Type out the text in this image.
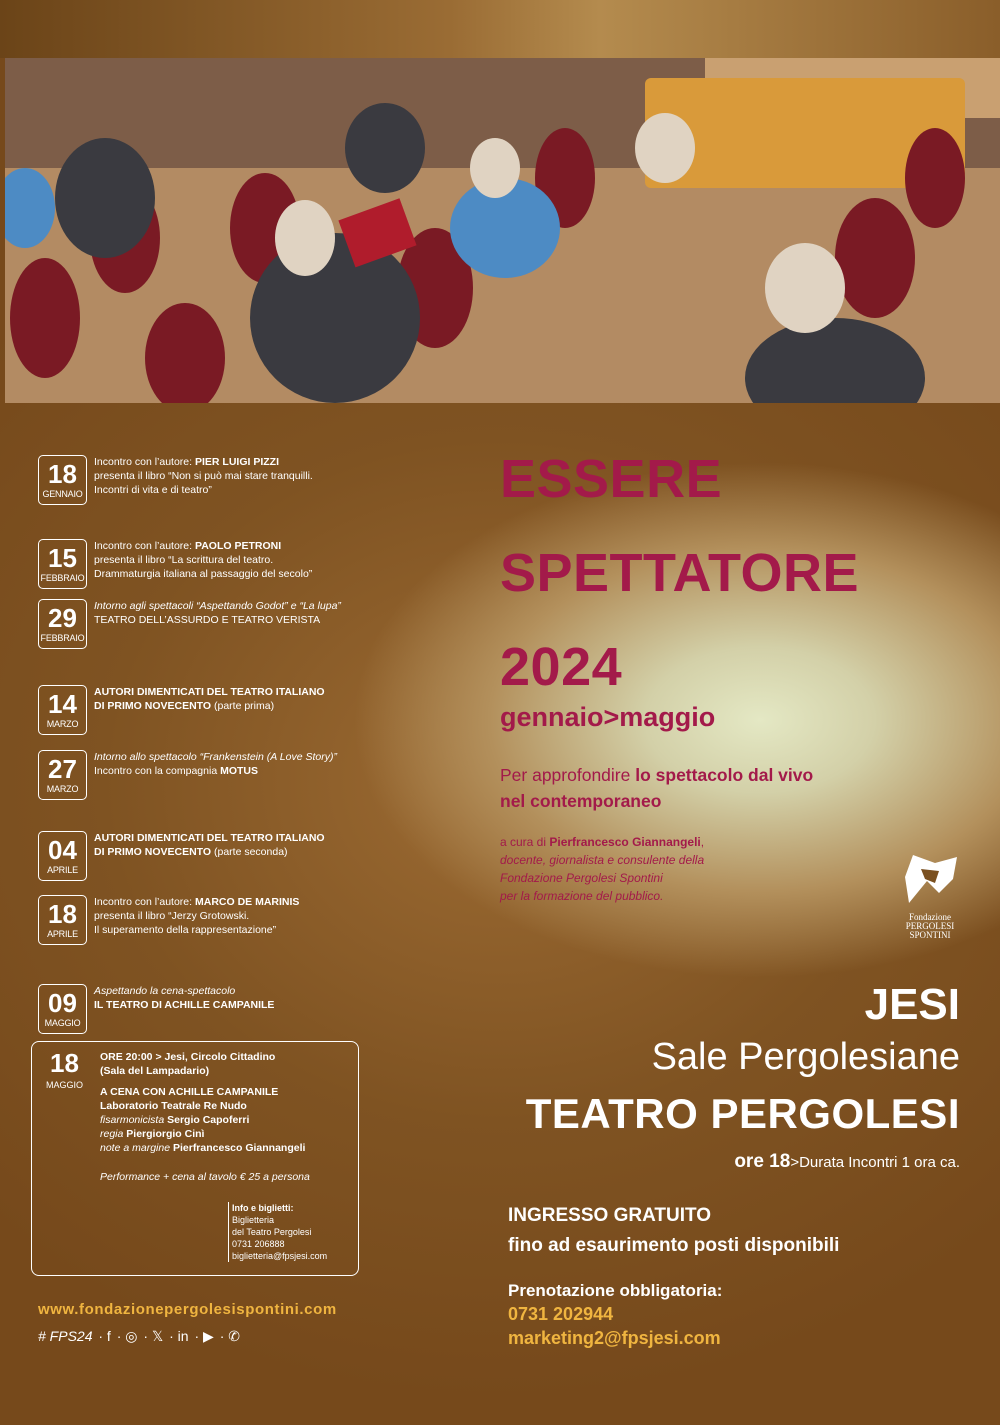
18
GENNAIO
Incontro con l’autore: PIER LUIGI PIZZI
presenta il libro “Non si può mai stare tranquilli.
Incontri di vita e di teatro”
15
FEBBRAIO
Incontro con l’autore: PAOLO PETRONI
presenta il libro “La scrittura del teatro.
Drammaturgia italiana al passaggio del secolo”
29
FEBBRAIO
Intorno agli spettacoli “Aspettando Godot” e “La lupa”
TEATRO DELL’ASSURDO E TEATRO VERISTA
14
MARZO
AUTORI DIMENTICATI DEL TEATRO ITALIANO
DI PRIMO NOVECENTO (parte prima)
27
MARZO
Intorno allo spettacolo “Frankenstein (A Love Story)”
Incontro con la compagnia MOTUS
04
APRILE
AUTORI DIMENTICATI DEL TEATRO ITALIANO
DI PRIMO NOVECENTO (parte seconda)
18
APRILE
Incontro con l’autore: MARCO DE MARINIS
presenta il libro “Jerzy Grotowski.
Il superamento della rappresentazione”
09
MAGGIO
Aspettando la cena-spettacolo
IL TEATRO DI ACHILLE CAMPANILE
18
MAGGIO
ORE 20:00 > Jesi, Circolo Cittadino
(Sala del Lampadario)
A CENA CON ACHILLE CAMPANILE
Laboratorio Teatrale Re Nudo
fisarmonicista Sergio Capoferri
regia Piergiorgio Cinì
note a margine Pierfrancesco Giannangeli
Performance + cena al tavolo € 25 a persona
Info e biglietti:
Biglietteria
del Teatro Pergolesi
0731 206888
biglietteria@fpsjesi.com
www.fondazionepergolesispontini.com
# FPS24 · f · ◎ · 𝕏 · in · ▶ · ✆
ESSERE
SPETTATORE
2024
gennaio>maggio
Per approfondire lo spettacolo dal vivo
nel contemporaneo
a cura di Pierfrancesco Giannangeli,
docente, giornalista e consulente della
Fondazione Pergolesi Spontini
per la formazione del pubblico.
Fondazione
PERGOLESI
SPONTINI
JESI
Sale Pergolesiane
TEATRO PERGOLESI
ore 18>Durata Incontri 1 ora ca.
INGRESSO GRATUITO
fino ad esaurimento posti disponibili
Prenotazione obbligatoria:
0731 202944
marketing2@fpsjesi.com
